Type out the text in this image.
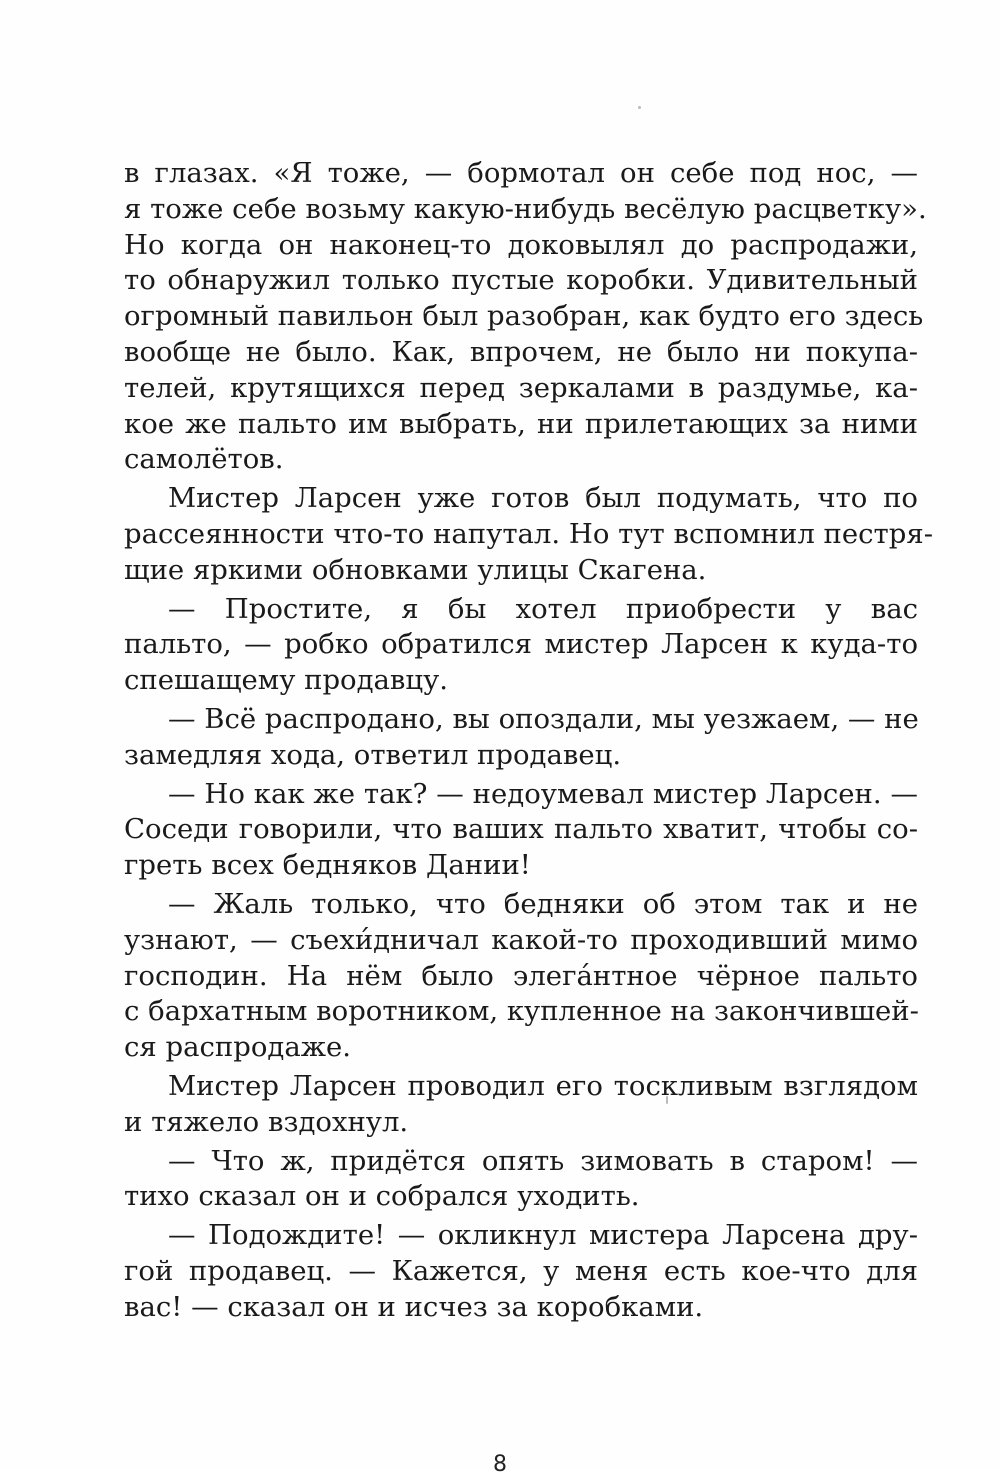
в глазах. «Я тоже, — бормотал он себе под нос, —
я тоже себе возьму какую-нибудь весёлую расцветку».
Но когда он наконец-то доковылял до распродажи,
то обнаружил только пустые коробки. Удивительный
огромный павильон был разобран, как будто его здесь
вообще не было. Как, впрочем, не было ни покупа-
телей, крутящихся перед зеркалами в раздумье, ка-
кое же пальто им выбрать, ни прилетающих за ними
самолётов.
Мистер Ларсен уже готов был подумать, что по
рассеянности что-то напутал. Но тут вспомнил пестря-
щие яркими обновками улицы Скагена.
— Простите, я бы хотел приобрести у вас
пальто, — робко обратился мистер Ларсен к куда-то
спешащему продавцу.
— Всё распродано, вы опоздали, мы уезжаем, — не
замедляя хода, ответил продавец.
— Но как же так? — недоумевал мистер Ларсен. —
Соседи говорили, что ваших пальто хватит, чтобы со-
греть всех бедняков Дании!
— Жаль только, что бедняки об этом так и не
узнают, — съехи́дничал какой-то проходивший мимо
господин. На нём было элега́нтное чёрное пальто
с бархатным воротником, купленное на закончившей-
ся распродаже.
Мистер Ларсен проводил его тоскливым взглядом
и тяжело вздохнул.
— Что ж, придётся опять зимовать в старом! —
тихо сказал он и собрался уходить.
— Подождите! — окликнул мистера Ларсена дру-
гой продавец. — Кажется, у меня есть кое-что для
вас! — сказал он и исчез за коробками.
8
